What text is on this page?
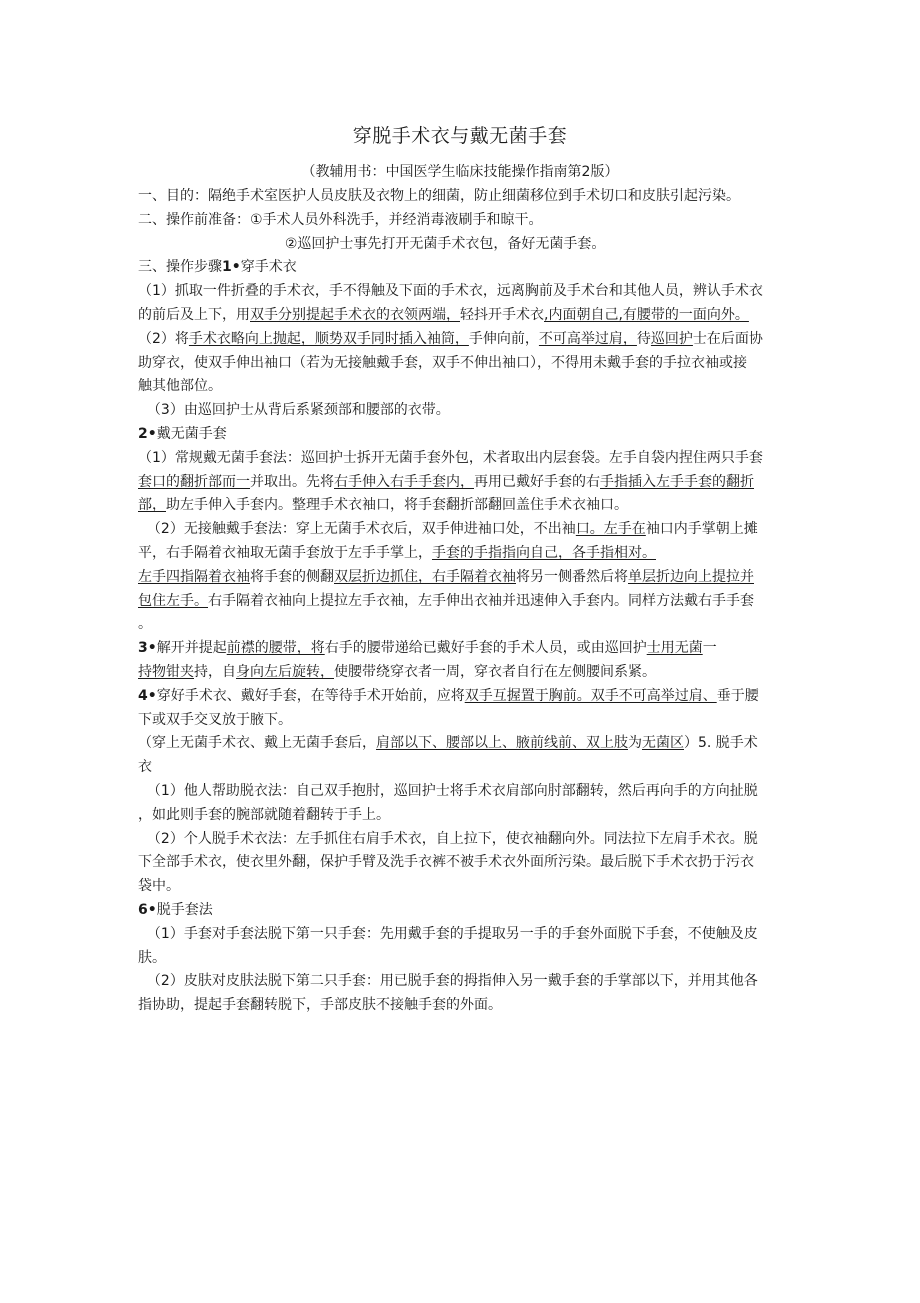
穿脱手术衣与戴无菌手套
（教辅用书：中国医学生临床技能操作指南第2版）

一、目的：隔绝手术室医护人员皮肤及衣物上的细菌，防止细菌移位到手术切口和皮肤引起污染。

二、操作前准备：①手术人员外科洗手，并经消毒液刷手和晾干。

②巡回护士事先打开无菌手术衣包，备好无菌手套。

三、操作步骤1•穿手术衣

（1）抓取一件折叠的手术衣，手不得触及下面的手术衣，远离胸前及手术台和其他人员，辨认手术衣

的前后及上下，用双手分别提起手术衣的衣领两端，轻抖开手术衣,内面朝自己,有腰带的一面向外。

（2）将手术衣略向上抛起，顺势双手同时插入袖筒，手伸向前，不可高举过肩，待巡回护士在后面协

助穿衣，使双手伸出袖口（若为无接触戴手套，双手不伸出袖口），不得用未戴手套的手拉衣袖或接

触其他部位。

（3）由巡回护士从背后系紧颈部和腰部的衣带。

2•戴无菌手套

（1）常规戴无菌手套法：巡回护士拆开无菌手套外包，术者取出内层套袋。左手自袋内捏住两只手套

套口的翻折部而一并取出。先将右手伸入右手手套内，再用已戴好手套的右手指插入左手手套的翻折

部，助左手伸入手套内。整理手术衣袖口，将手套翻折部翻回盖住手术衣袖口。

（2）无接触戴手套法：穿上无菌手术衣后，双手伸进袖口处，不出袖口。左手在袖口内手掌朝上摊

平，右手隔着衣袖取无菌手套放于左手手掌上，手套的手指指向自己，各手指相对。

左手四指隔着衣袖将手套的侧翻双层折边抓住，右手隔着衣袖将另一侧番然后将单层折边向上提拉并

包住左手。右手隔着衣袖向上提拉左手衣袖，左手伸出衣袖并迅速伸入手套内。同样方法戴右手手套

。

3•解开并提起前襟的腰带，将右手的腰带递给已戴好手套的手术人员，或由巡回护士用无菌一

持物钳夹持，自身向左后旋转，使腰带绕穿衣者一周，穿衣者自行在左侧腰间系紧。

4•穿好手术衣、戴好手套，在等待手术开始前，应将双手互握置于胸前。双手不可高举过肩、垂于腰

下或双手交叉放于腋下。

（穿上无菌手术衣、戴上无菌手套后，肩部以下、腰部以上、腋前线前、双上肢为无菌区）5. 脱手术

衣

（1）他人帮助脱衣法：自己双手抱肘，巡回护士将手术衣肩部向肘部翻转，然后再向手的方向扯脱

，如此则手套的腕部就随着翻转于手上。

（2）个人脱手术衣法：左手抓住右肩手术衣，自上拉下，使衣袖翻向外。同法拉下左肩手术衣。脱

下全部手术衣，使衣里外翻，保护手臂及洗手衣裤不被手术衣外面所污染。最后脱下手术衣扔于污衣

袋中。

6•脱手套法

（1）手套对手套法脱下第一只手套：先用戴手套的手提取另一手的手套外面脱下手套，不使触及皮

肤。

（2）皮肤对皮肤法脱下第二只手套：用已脱手套的拇指伸入另一戴手套的手掌部以下，并用其他各

指协助，提起手套翻转脱下，手部皮肤不接触手套的外面。
